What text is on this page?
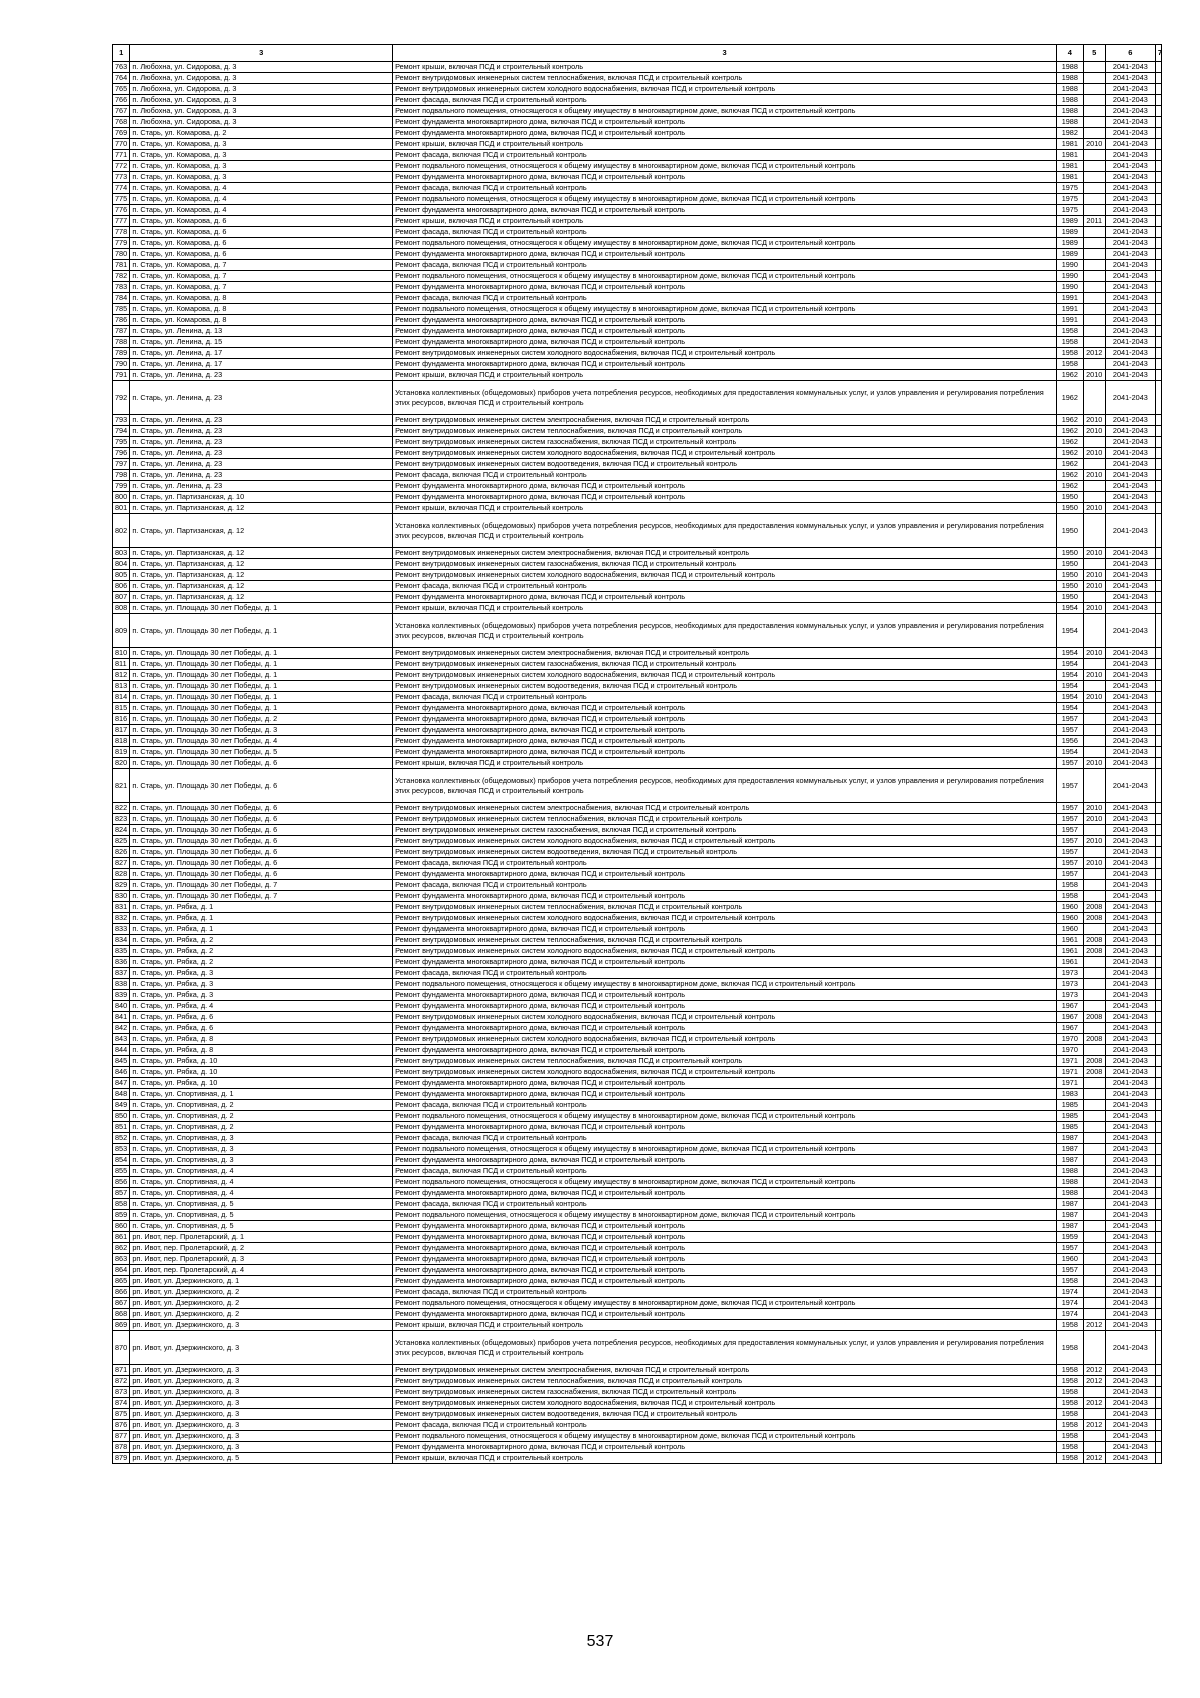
1	3	3	4	5	6	7
763	п. Любохна, ул. Сидорова, д. 3	Ремонт крыши, включая ПСД и строительный контроль	1988		2041-2043	
764	п. Любохна, ул. Сидорова, д. 3	Ремонт внутридомовых инженерных систем теплоснабжения, включая ПСД и строительный контроль	1988		2041-2043	
765	п. Любохна, ул. Сидорова, д. 3	Ремонт внутридомовых инженерных систем холодного водоснабжения, включая ПСД и строительный контроль	1988		2041-2043	
766	п. Любохна, ул. Сидорова, д. 3	Ремонт фасада, включая ПСД и строительный контроль	1988		2041-2043	
767	п. Любохна, ул. Сидорова, д. 3	Ремонт подвального помещения, относящегося к общему имуществу в многоквартирном доме, включая ПСД и строительный контроль	1988		2041-2043	
768	п. Любохна, ул. Сидорова, д. 3	Ремонт фундамента многоквартирного дома, включая ПСД и строительный контроль	1988		2041-2043	
769	п. Старь, ул. Комарова, д. 2	Ремонт фундамента многоквартирного дома, включая ПСД и строительный контроль	1982		2041-2043	
770	п. Старь, ул. Комарова, д. 3	Ремонт крыши, включая ПСД и строительный контроль	1981	2010	2041-2043	
771	п. Старь, ул. Комарова, д. 3	Ремонт фасада, включая ПСД и строительный контроль	1981		2041-2043	
772	п. Старь, ул. Комарова, д. 3	Ремонт подвального помещения, относящегося к общему имуществу в многоквартирном доме, включая ПСД и строительный контроль	1981		2041-2043	
773	п. Старь, ул. Комарова, д. 3	Ремонт фундамента многоквартирного дома, включая ПСД и строительный контроль	1981		2041-2043	
774	п. Старь, ул. Комарова, д. 4	Ремонт фасада, включая ПСД и строительный контроль	1975		2041-2043	
775	п. Старь, ул. Комарова, д. 4	Ремонт подвального помещения, относящегося к общему имуществу в многоквартирном доме, включая ПСД и строительный контроль	1975		2041-2043	
776	п. Старь, ул. Комарова, д. 4	Ремонт фундамента многоквартирного дома, включая ПСД и строительный контроль	1975		2041-2043	
777	п. Старь, ул. Комарова, д. 6	Ремонт крыши, включая ПСД и строительный контроль	1989	2011	2041-2043	
778	п. Старь, ул. Комарова, д. 6	Ремонт фасада, включая ПСД и строительный контроль	1989		2041-2043	
779	п. Старь, ул. Комарова, д. 6	Ремонт подвального помещения, относящегося к общему имуществу в многоквартирном доме, включая ПСД и строительный контроль	1989		2041-2043	
780	п. Старь, ул. Комарова, д. 6	Ремонт фундамента многоквартирного дома, включая ПСД и строительный контроль	1989		2041-2043	
781	п. Старь, ул. Комарова, д. 7	Ремонт фасада, включая ПСД и строительный контроль	1990		2041-2043	
782	п. Старь, ул. Комарова, д. 7	Ремонт подвального помещения, относящегося к общему имуществу в многоквартирном доме, включая ПСД и строительный контроль	1990		2041-2043	
783	п. Старь, ул. Комарова, д. 7	Ремонт фундамента многоквартирного дома, включая ПСД и строительный контроль	1990		2041-2043	
784	п. Старь, ул. Комарова, д. 8	Ремонт фасада, включая ПСД и строительный контроль	1991		2041-2043	
785	п. Старь, ул. Комарова, д. 8	Ремонт подвального помещения, относящегося к общему имуществу в многоквартирном доме, включая ПСД и строительный контроль	1991		2041-2043	
786	п. Старь, ул. Комарова, д. 8	Ремонт фундамента многоквартирного дома, включая ПСД и строительный контроль	1991		2041-2043	
787	п. Старь, ул. Ленина, д. 13	Ремонт фундамента многоквартирного дома, включая ПСД и строительный контроль	1958		2041-2043	
788	п. Старь, ул. Ленина, д. 15	Ремонт фундамента многоквартирного дома, включая ПСД и строительный контроль	1958		2041-2043	
789	п. Старь, ул. Ленина, д. 17	Ремонт внутридомовых инженерных систем холодного водоснабжения, включая ПСД и строительный контроль	1958	2012	2041-2043	
790	п. Старь, ул. Ленина, д. 17	Ремонт фундамента многоквартирного дома, включая ПСД и строительный контроль	1958		2041-2043	
791	п. Старь, ул. Ленина, д. 23	Ремонт крыши, включая ПСД и строительный контроль	1962	2010	2041-2043	
792	п. Старь, ул. Ленина, д. 23	Установка коллективных (общедомовых) приборов учета потребления ресурсов, необходимых для предоставления коммунальных услуг, и узлов управления и регулирования потребления этих ресурсов, включая ПСД и строительный контроль	1962		2041-2043	
793	п. Старь, ул. Ленина, д. 23	Ремонт внутридомовых инженерных систем электроснабжения, включая ПСД и строительный контроль	1962	2010	2041-2043	
794	п. Старь, ул. Ленина, д. 23	Ремонт внутридомовых инженерных систем теплоснабжения, включая ПСД и строительный контроль	1962	2010	2041-2043	
795	п. Старь, ул. Ленина, д. 23	Ремонт внутридомовых инженерных систем газоснабжения, включая ПСД и строительный контроль	1962		2041-2043	
796	п. Старь, ул. Ленина, д. 23	Ремонт внутридомовых инженерных систем холодного водоснабжения, включая ПСД и строительный контроль	1962	2010	2041-2043	
797	п. Старь, ул. Ленина, д. 23	Ремонт внутридомовых инженерных систем водоотведения, включая ПСД и строительный контроль	1962		2041-2043	
798	п. Старь, ул. Ленина, д. 23	Ремонт фасада, включая ПСД и строительный контроль	1962	2010	2041-2043	
799	п. Старь, ул. Ленина, д. 23	Ремонт фундамента многоквартирного дома, включая ПСД и строительный контроль	1962		2041-2043	
800	п. Старь, ул. Партизанская, д. 10	Ремонт фундамента многоквартирного дома, включая ПСД и строительный контроль	1950		2041-2043	
801	п. Старь, ул. Партизанская, д. 12	Ремонт крыши, включая ПСД и строительный контроль	1950	2010	2041-2043	
802	п. Старь, ул. Партизанская, д. 12	Установка коллективных (общедомовых) приборов учета потребления ресурсов, необходимых для предоставления коммунальных услуг, и узлов управления и регулирования потребления этих ресурсов, включая ПСД и строительный контроль	1950		2041-2043	
803	п. Старь, ул. Партизанская, д. 12	Ремонт внутридомовых инженерных систем электроснабжения, включая ПСД и строительный контроль	1950	2010	2041-2043	
804	п. Старь, ул. Партизанская, д. 12	Ремонт внутридомовых инженерных систем газоснабжения, включая ПСД и строительный контроль	1950		2041-2043	
805	п. Старь, ул. Партизанская, д. 12	Ремонт внутридомовых инженерных систем холодного водоснабжения, включая ПСД и строительный контроль	1950	2010	2041-2043	
806	п. Старь, ул. Партизанская, д. 12	Ремонт фасада, включая ПСД и строительный контроль	1950	2010	2041-2043	
807	п. Старь, ул. Партизанская, д. 12	Ремонт фундамента многоквартирного дома, включая ПСД и строительный контроль	1950		2041-2043	
808	п. Старь, ул. Площадь 30 лет Победы, д. 1	Ремонт крыши, включая ПСД и строительный контроль	1954	2010	2041-2043	
809	п. Старь, ул. Площадь 30 лет Победы, д. 1	Установка коллективных (общедомовых) приборов учета потребления ресурсов, необходимых для предоставления коммунальных услуг, и узлов управления и регулирования потребления этих ресурсов, включая ПСД и строительный контроль	1954		2041-2043	
810	п. Старь, ул. Площадь 30 лет Победы, д. 1	Ремонт внутридомовых инженерных систем электроснабжения, включая ПСД и строительный контроль	1954	2010	2041-2043	
811	п. Старь, ул. Площадь 30 лет Победы, д. 1	Ремонт внутридомовых инженерных систем газоснабжения, включая ПСД и строительный контроль	1954		2041-2043	
812	п. Старь, ул. Площадь 30 лет Победы, д. 1	Ремонт внутридомовых инженерных систем холодного водоснабжения, включая ПСД и строительный контроль	1954	2010	2041-2043	
813	п. Старь, ул. Площадь 30 лет Победы, д. 1	Ремонт внутридомовых инженерных систем водоотведения, включая ПСД и строительный контроль	1954		2041-2043	
814	п. Старь, ул. Площадь 30 лет Победы, д. 1	Ремонт фасада, включая ПСД и строительный контроль	1954	2010	2041-2043	
815	п. Старь, ул. Площадь 30 лет Победы, д. 1	Ремонт фундамента многоквартирного дома, включая ПСД и строительный контроль	1954		2041-2043	
816	п. Старь, ул. Площадь 30 лет Победы, д. 2	Ремонт фундамента многоквартирного дома, включая ПСД и строительный контроль	1957		2041-2043	
817	п. Старь, ул. Площадь 30 лет Победы, д. 3	Ремонт фундамента многоквартирного дома, включая ПСД и строительный контроль	1957		2041-2043	
818	п. Старь, ул. Площадь 30 лет Победы, д. 4	Ремонт фундамента многоквартирного дома, включая ПСД и строительный контроль	1956		2041-2043	
819	п. Старь, ул. Площадь 30 лет Победы, д. 5	Ремонт фундамента многоквартирного дома, включая ПСД и строительный контроль	1954		2041-2043	
820	п. Старь, ул. Площадь 30 лет Победы, д. 6	Ремонт крыши, включая ПСД и строительный контроль	1957	2010	2041-2043	
821	п. Старь, ул. Площадь 30 лет Победы, д. 6	Установка коллективных (общедомовых) приборов учета потребления ресурсов, необходимых для предоставления коммунальных услуг, и узлов управления и регулирования потребления этих ресурсов, включая ПСД и строительный контроль	1957		2041-2043	
822	п. Старь, ул. Площадь 30 лет Победы, д. 6	Ремонт внутридомовых инженерных систем электроснабжения, включая ПСД и строительный контроль	1957	2010	2041-2043	
823	п. Старь, ул. Площадь 30 лет Победы, д. 6	Ремонт внутридомовых инженерных систем теплоснабжения, включая ПСД и строительный контроль	1957	2010	2041-2043	
824	п. Старь, ул. Площадь 30 лет Победы, д. 6	Ремонт внутридомовых инженерных систем газоснабжения, включая ПСД и строительный контроль	1957		2041-2043	
825	п. Старь, ул. Площадь 30 лет Победы, д. 6	Ремонт внутридомовых инженерных систем холодного водоснабжения, включая ПСД и строительный контроль	1957	2010	2041-2043	
826	п. Старь, ул. Площадь 30 лет Победы, д. 6	Ремонт внутридомовых инженерных систем водоотведения, включая ПСД и строительный контроль	1957		2041-2043	
827	п. Старь, ул. Площадь 30 лет Победы, д. 6	Ремонт фасада, включая ПСД и строительный контроль	1957	2010	2041-2043	
828	п. Старь, ул. Площадь 30 лет Победы, д. 6	Ремонт фундамента многоквартирного дома, включая ПСД и строительный контроль	1957		2041-2043	
829	п. Старь, ул. Площадь 30 лет Победы, д. 7	Ремонт фасада, включая ПСД и строительный контроль	1958		2041-2043	
830	п. Старь, ул. Площадь 30 лет Победы, д. 7	Ремонт фундамента многоквартирного дома, включая ПСД и строительный контроль	1958		2041-2043	
831	п. Старь, ул. Рябка, д. 1	Ремонт внутридомовых инженерных систем теплоснабжения, включая ПСД и строительный контроль	1960	2008	2041-2043	
832	п. Старь, ул. Рябка, д. 1	Ремонт внутридомовых инженерных систем холодного водоснабжения, включая ПСД и строительный контроль	1960	2008	2041-2043	
833	п. Старь, ул. Рябка, д. 1	Ремонт фундамента многоквартирного дома, включая ПСД и строительный контроль	1960		2041-2043	
834	п. Старь, ул. Рябка, д. 2	Ремонт внутридомовых инженерных систем теплоснабжения, включая ПСД и строительный контроль	1961	2008	2041-2043	
835	п. Старь, ул. Рябка, д. 2	Ремонт внутридомовых инженерных систем холодного водоснабжения, включая ПСД и строительный контроль	1961	2008	2041-2043	
836	п. Старь, ул. Рябка, д. 2	Ремонт фундамента многоквартирного дома, включая ПСД и строительный контроль	1961		2041-2043	
837	п. Старь, ул. Рябка, д. 3	Ремонт фасада, включая ПСД и строительный контроль	1973		2041-2043	
838	п. Старь, ул. Рябка, д. 3	Ремонт подвального помещения, относящегося к общему имуществу в многоквартирном доме, включая ПСД и строительный контроль	1973		2041-2043	
839	п. Старь, ул. Рябка, д. 3	Ремонт фундамента многоквартирного дома, включая ПСД и строительный контроль	1973		2041-2043	
840	п. Старь, ул. Рябка, д. 4	Ремонт фундамента многоквартирного дома, включая ПСД и строительный контроль	1967		2041-2043	
841	п. Старь, ул. Рябка, д. 6	Ремонт внутридомовых инженерных систем холодного водоснабжения, включая ПСД и строительный контроль	1967	2008	2041-2043	
842	п. Старь, ул. Рябка, д. 6	Ремонт фундамента многоквартирного дома, включая ПСД и строительный контроль	1967		2041-2043	
843	п. Старь, ул. Рябка, д. 8	Ремонт внутридомовых инженерных систем холодного водоснабжения, включая ПСД и строительный контроль	1970	2008	2041-2043	
844	п. Старь, ул. Рябка, д. 8	Ремонт фундамента многоквартирного дома, включая ПСД и строительный контроль	1970		2041-2043	
845	п. Старь, ул. Рябка, д. 10	Ремонт внутридомовых инженерных систем теплоснабжения, включая ПСД и строительный контроль	1971	2008	2041-2043	
846	п. Старь, ул. Рябка, д. 10	Ремонт внутридомовых инженерных систем холодного водоснабжения, включая ПСД и строительный контроль	1971	2008	2041-2043	
847	п. Старь, ул. Рябка, д. 10	Ремонт фундамента многоквартирного дома, включая ПСД и строительный контроль	1971		2041-2043	
848	п. Старь, ул. Спортивная, д. 1	Ремонт фундамента многоквартирного дома, включая ПСД и строительный контроль	1983		2041-2043	
849	п. Старь, ул. Спортивная, д. 2	Ремонт фасада, включая ПСД и строительный контроль	1985		2041-2043	
850	п. Старь, ул. Спортивная, д. 2	Ремонт подвального помещения, относящегося к общему имуществу в многоквартирном доме, включая ПСД и строительный контроль	1985		2041-2043	
851	п. Старь, ул. Спортивная, д. 2	Ремонт фундамента многоквартирного дома, включая ПСД и строительный контроль	1985		2041-2043	
852	п. Старь, ул. Спортивная, д. 3	Ремонт фасада, включая ПСД и строительный контроль	1987		2041-2043	
853	п. Старь, ул. Спортивная, д. 3	Ремонт подвального помещения, относящегося к общему имуществу в многоквартирном доме, включая ПСД и строительный контроль	1987		2041-2043	
854	п. Старь, ул. Спортивная, д. 3	Ремонт фундамента многоквартирного дома, включая ПСД и строительный контроль	1987		2041-2043	
855	п. Старь, ул. Спортивная, д. 4	Ремонт фасада, включая ПСД и строительный контроль	1988		2041-2043	
856	п. Старь, ул. Спортивная, д. 4	Ремонт подвального помещения, относящегося к общему имуществу в многоквартирном доме, включая ПСД и строительный контроль	1988		2041-2043	
857	п. Старь, ул. Спортивная, д. 4	Ремонт фундамента многоквартирного дома, включая ПСД и строительный контроль	1988		2041-2043	
858	п. Старь, ул. Спортивная, д. 5	Ремонт фасада, включая ПСД и строительный контроль	1987		2041-2043	
859	п. Старь, ул. Спортивная, д. 5	Ремонт подвального помещения, относящегося к общему имуществу в многоквартирном доме, включая ПСД и строительный контроль	1987		2041-2043	
860	п. Старь, ул. Спортивная, д. 5	Ремонт фундамента многоквартирного дома, включая ПСД и строительный контроль	1987		2041-2043	
861	рп. Ивот, пер. Пролетарский, д. 1	Ремонт фундамента многоквартирного дома, включая ПСД и строительный контроль	1959		2041-2043	
862	рп. Ивот, пер. Пролетарский, д. 2	Ремонт фундамента многоквартирного дома, включая ПСД и строительный контроль	1957		2041-2043	
863	рп. Ивот, пер. Пролетарский, д. 3	Ремонт фундамента многоквартирного дома, включая ПСД и строительный контроль	1960		2041-2043	
864	рп. Ивот, пер. Пролетарский, д. 4	Ремонт фундамента многоквартирного дома, включая ПСД и строительный контроль	1957		2041-2043	
865	рп. Ивот, ул. Дзержинского, д. 1	Ремонт фундамента многоквартирного дома, включая ПСД и строительный контроль	1958		2041-2043	
866	рп. Ивот, ул. Дзержинского, д. 2	Ремонт фасада, включая ПСД и строительный контроль	1974		2041-2043	
867	рп. Ивот, ул. Дзержинского, д. 2	Ремонт подвального помещения, относящегося к общему имуществу в многоквартирном доме, включая ПСД и строительный контроль	1974		2041-2043	
868	рп. Ивот, ул. Дзержинского, д. 2	Ремонт фундамента многоквартирного дома, включая ПСД и строительный контроль	1974		2041-2043	
869	рп. Ивот, ул. Дзержинского, д. 3	Ремонт крыши, включая ПСД и строительный контроль	1958	2012	2041-2043	
870	рп. Ивот, ул. Дзержинского, д. 3	Установка коллективных (общедомовых) приборов учета потребления ресурсов, необходимых для предоставления коммунальных услуг, и узлов управления и регулирования потребления этих ресурсов, включая ПСД и строительный контроль	1958		2041-2043	
871	рп. Ивот, ул. Дзержинского, д. 3	Ремонт внутридомовых инженерных систем электроснабжения, включая ПСД и строительный контроль	1958	2012	2041-2043	
872	рп. Ивот, ул. Дзержинского, д. 3	Ремонт внутридомовых инженерных систем теплоснабжения, включая ПСД и строительный контроль	1958	2012	2041-2043	
873	рп. Ивот, ул. Дзержинского, д. 3	Ремонт внутридомовых инженерных систем газоснабжения, включая ПСД и строительный контроль	1958		2041-2043	
874	рп. Ивот, ул. Дзержинского, д. 3	Ремонт внутридомовых инженерных систем холодного водоснабжения, включая ПСД и строительный контроль	1958	2012	2041-2043	
875	рп. Ивот, ул. Дзержинского, д. 3	Ремонт внутридомовых инженерных систем водоотведения, включая ПСД и строительный контроль	1958		2041-2043	
876	рп. Ивот, ул. Дзержинского, д. 3	Ремонт фасада, включая ПСД и строительный контроль	1958	2012	2041-2043	
877	рп. Ивот, ул. Дзержинского, д. 3	Ремонт подвального помещения, относящегося к общему имуществу в многоквартирном доме, включая ПСД и строительный контроль	1958		2041-2043	
878	рп. Ивот, ул. Дзержинского, д. 3	Ремонт фундамента многоквартирного дома, включая ПСД и строительный контроль	1958		2041-2043	
879	рп. Ивот, ул. Дзержинского, д. 5	Ремонт крыши, включая ПСД и строительный контроль	1958	2012	2041-2043	
537
